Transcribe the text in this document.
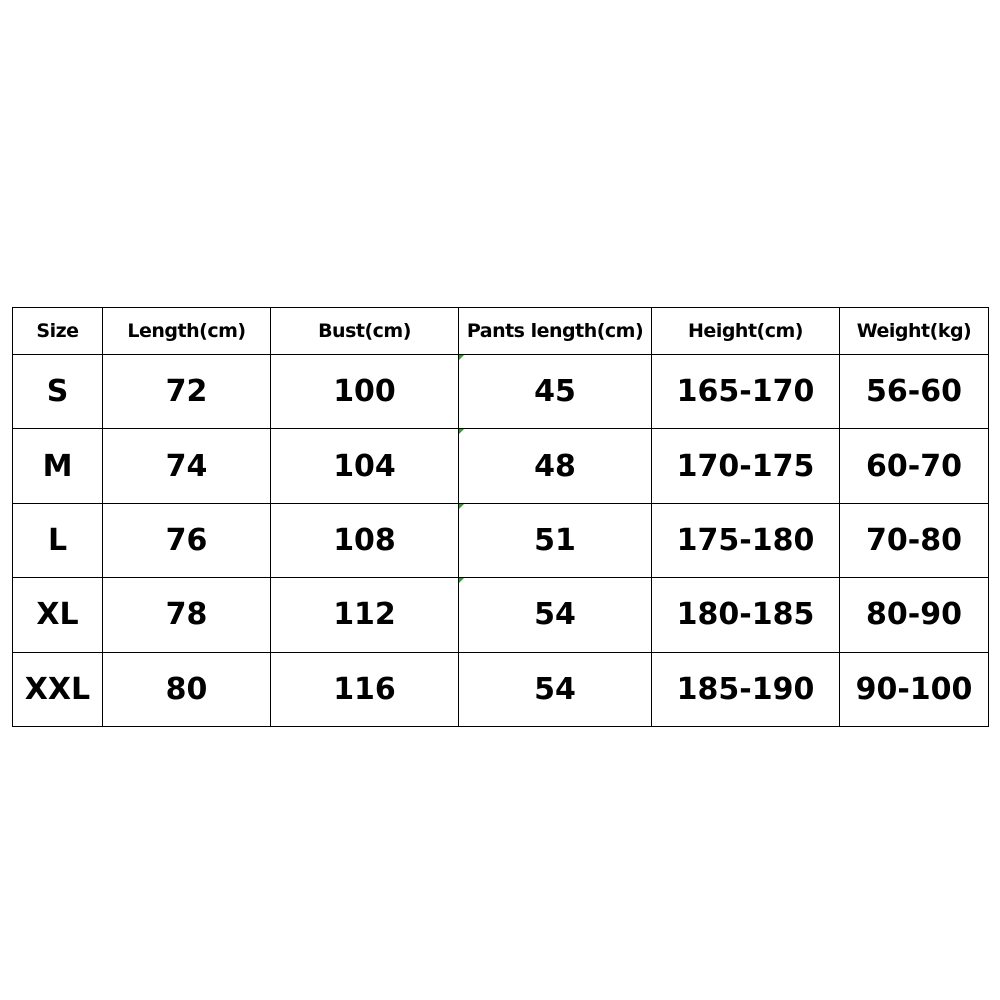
Size	Length(cm)	Bust(cm)	Pants length(cm)	Height(cm)	Weight(kg)
S	72	100	45	165-170	56-60
M	74	104	48	170-175	60-70
L	76	108	51	175-180	70-80
XL	78	112	54	180-185	80-90
XXL	80	116	54	185-190	90-100
